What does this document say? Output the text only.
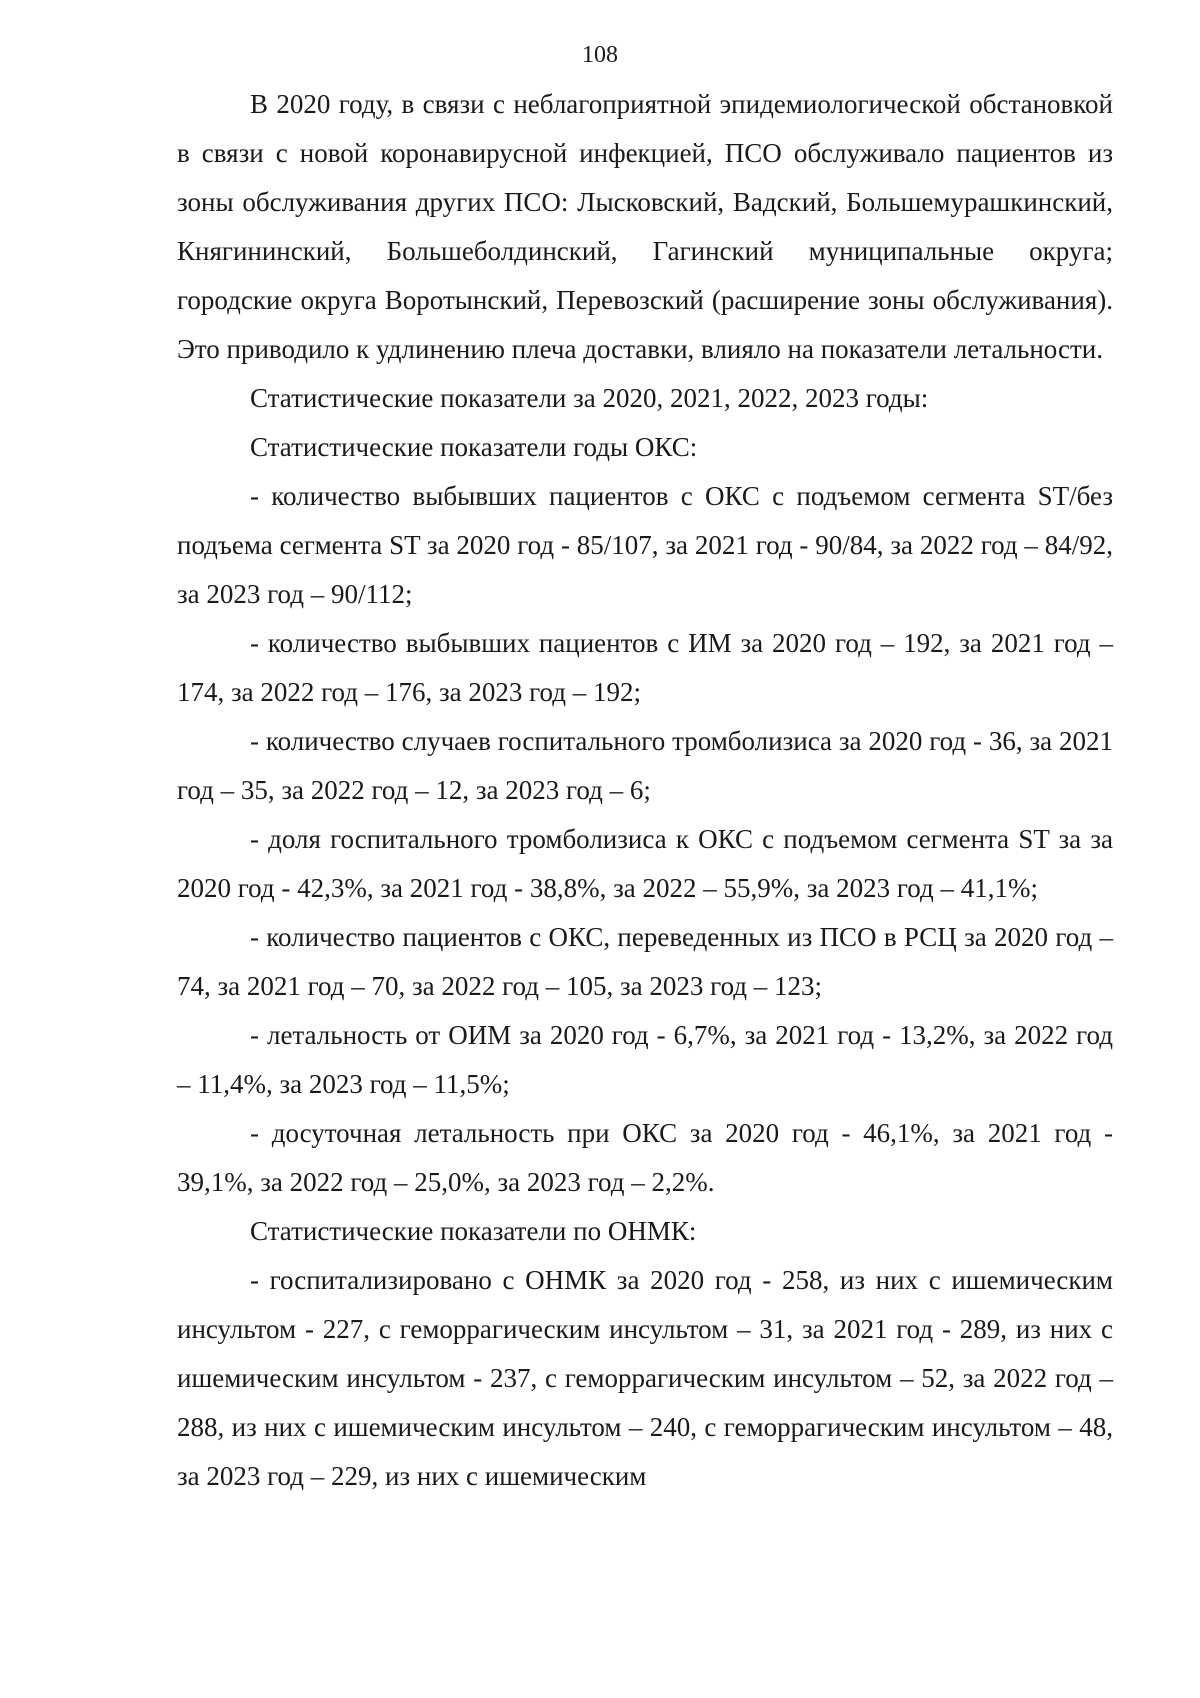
108

В 2020 году, в связи с неблагоприятной эпидемиологической обстановкой в связи с новой коронавирусной инфекцией, ПСО обслуживало пациентов из зоны обслуживания других ПСО: Лысковский, Вадский, Большемурашкинский, Княгининский, Большеболдинский, Гагинский муниципальные округа; городские округа Воротынский, Перевозский (расширение зоны обслуживания). Это приводило к удлинению плеча доставки, влияло на показатели летальности.

Статистические показатели за 2020, 2021, 2022, 2023 годы:

Статистические показатели годы ОКС:

- количество выбывших пациентов с ОКС с подъемом сегмента ST/без подъема сегмента ST за 2020 год - 85/107, за 2021 год - 90/84, за 2022 год – 84/92, за 2023 год – 90/112;

- количество выбывших пациентов с ИМ за 2020 год – 192, за 2021 год – 174, за 2022 год – 176, за 2023 год – 192;

- количество случаев госпитального тромболизиса за 2020 год - 36, за 2021 год – 35, за 2022 год – 12, за 2023 год – 6;

- доля госпитального тромболизиса к ОКС с подъемом сегмента ST за за 2020 год - 42,3%, за 2021 год - 38,8%, за 2022 – 55,9%, за 2023 год – 41,1%;

- количество пациентов с ОКС, переведенных из ПСО в РСЦ за 2020 год – 74, за 2021 год – 70, за 2022 год – 105, за 2023 год – 123;

- летальность от ОИМ за 2020 год - 6,7%, за 2021 год - 13,2%, за 2022 год – 11,4%, за 2023 год – 11,5%;

- досуточная летальность при ОКС за 2020 год - 46,1%, за 2021 год - 39,1%, за 2022 год – 25,0%, за 2023 год – 2,2%.

Статистические показатели по ОНМК:

- госпитализировано с ОНМК за 2020 год - 258, из них с ишемическим инсультом - 227, с геморрагическим инсультом – 31, за 2021 год - 289, из них с ишемическим инсультом - 237, с геморрагическим инсультом – 52, за 2022 год – 288, из них с ишемическим инсультом – 240, с геморрагическим инсультом – 48, за 2023 год – 229, из них с ишемическим
